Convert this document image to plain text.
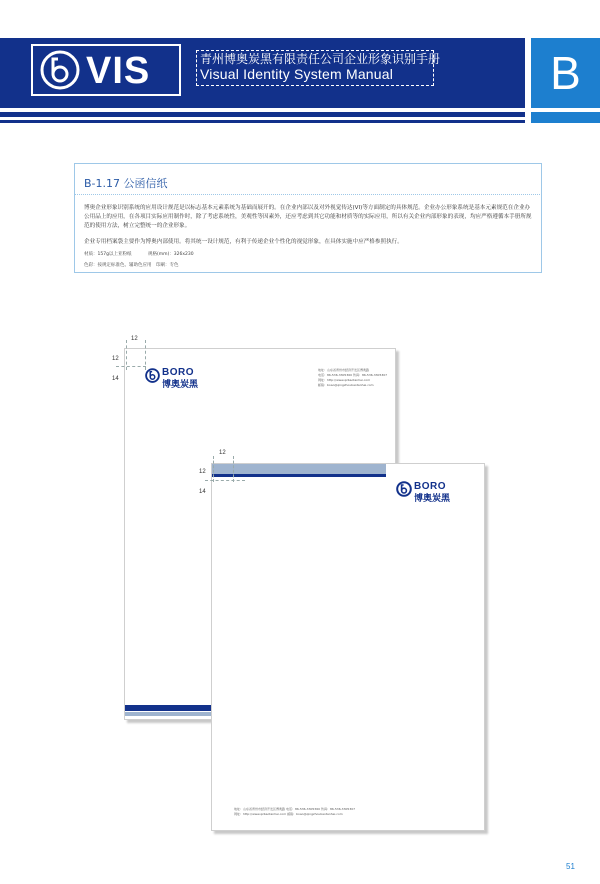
B
VIS	青州博奥炭黑有限责任公司企业形象识别手册
Visual Identity System Manual
B-1.17 公函信纸
博奥企业形象识别系统的应用设计规范是以标志基本元素系统为基础而展开的。在企业内部以及对外视觉传达(VI)等方面制定的具体规范。企业办公形象系统是基本元素规范在企业办公用品上的应用，在各项目实际应用制作时，除了考虑系统性，美观性等因素外，还应考虑到其它功能和材质等的实际应用，所以有关企业内部形象的表现，均应严格遵循本手册所规范的使用方法，树立完整统一的企业形象。
企业专用档案袋主要作为博奥内部使用。将其统一设计规范，有利于传递企业个性化的视觉形象，在具体实施中应严格参照执行。
材质：157g以上亚粉纸	规格(mm)：326x230
色彩：按规定标准色、辅助色应用 印刷：专色
12
12
14
BORO
博奥炭黑
地址：山东省青州市经济开发区博奥路
电话：86-536-3305360 传真：86-536-3305307
网址：http://www.qzbaotanhei.com
邮箱：boao@qingzhoubaotanhei.com
12
12
14	BORO
博奥炭黑
地址：山东省青州市经济开发区博奥路 电话：86-536-3305360 传真：86-536-3305307
网址：http://www.qzbaotanhei.com 邮箱：boao@qingzhoubaotanhei.com
51
